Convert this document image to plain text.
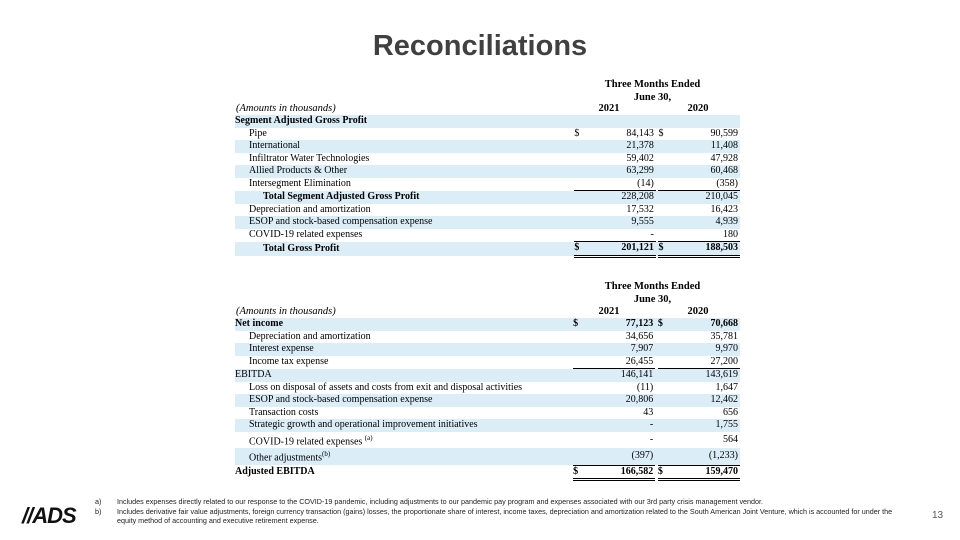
Reconciliations
Three Months Ended
June 30,
(Amounts in thousands)	2021	2020
Segment Adjusted Gross Profit					
Pipe	$	84,143		$	90,599
International		21,378			11,408
Infiltrator Water Technologies		59,402			47,928
Allied Products & Other		63,299			60,468
Intersegment Elimination		(14)			(358)
Total Segment Adjusted Gross Profit		228,208			210,045
Depreciation and amortization		17,532			16,423
ESOP and stock-based compensation expense		9,555			4,939
COVID-19 related expenses		-			180
Total Gross Profit	$	201,121		$	188,503
Three Months Ended
June 30,
(Amounts in thousands)	2021	2020
Net income	$	77,123		$	70,668
Depreciation and amortization		34,656			35,781
Interest expense		7,907			9,970
Income tax expense		26,455			27,200
EBITDA		146,141			143,619
Loss on disposal of assets and costs from exit and disposal activities		(11)			1,647
ESOP and stock-based compensation expense		20,806			12,462
Transaction costs		43			656
Strategic growth and operational improvement initiatives		-			1,755
COVID-19 related expenses $^{(a)}$		-			564
Other adjustments$^{(b)}$		(397)			(1,233)
Adjusted EBITDA	$	166,582		$	159,470
//ADS
a)	Includes expenses directly related to our response to the COVID-19 pandemic, including adjustments to our pandemic pay program and expenses associated with our 3rd party crisis management vendor.
b)	Includes derivative fair value adjustments, foreign currency transaction (gains) losses, the proportionate share of interest, income taxes, depreciation and amortization related to the South American Joint Venture, which is accounted for under the equity method of accounting and executive retirement expense.	13
